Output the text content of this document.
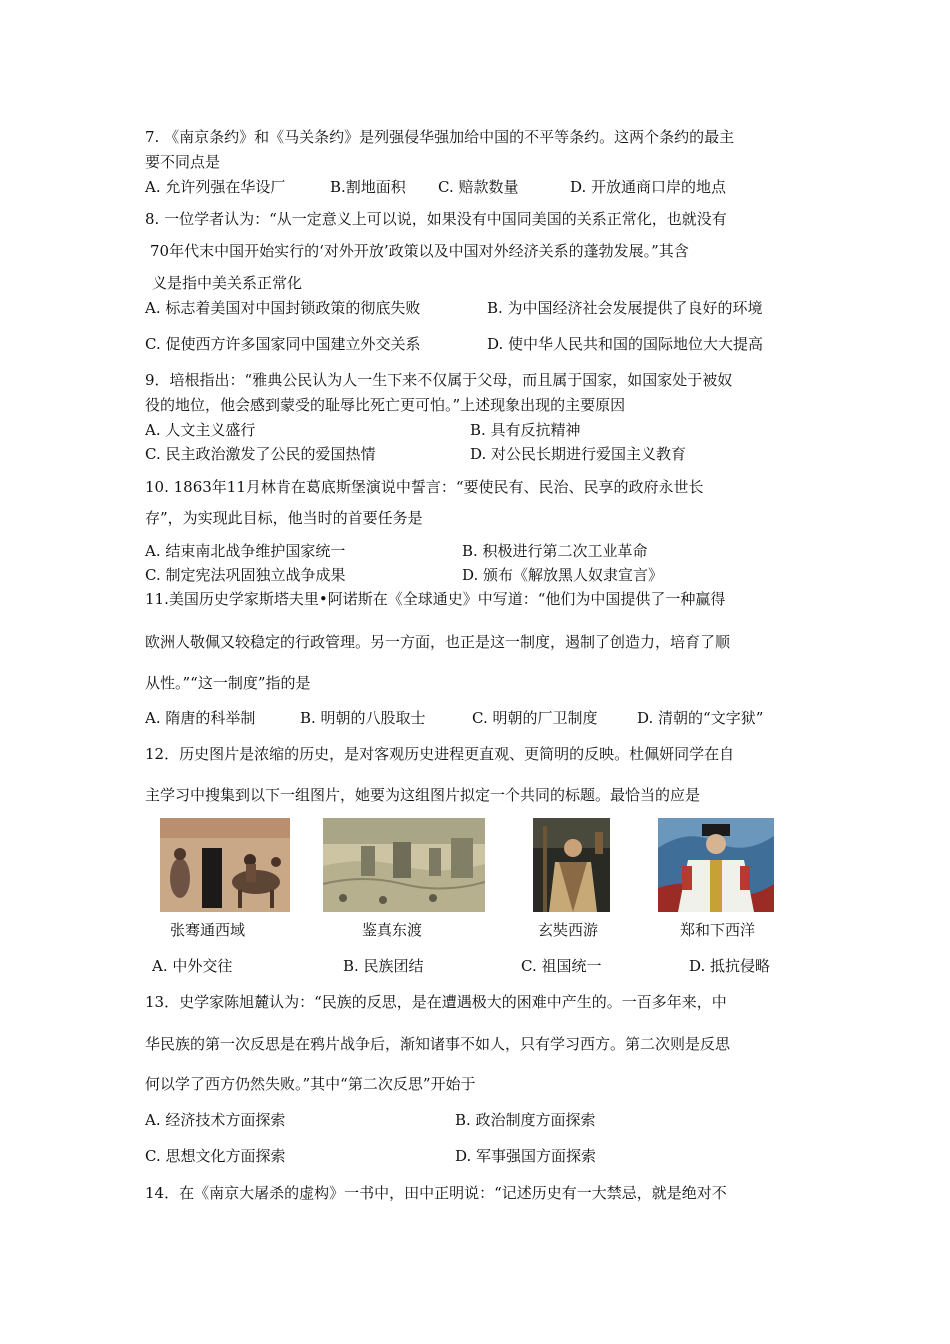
7. 《南京条约》和《马关条约》是列强侵华强加给中国的不平等条约。这两个条约的最主
要不同点是
A. 允许列强在华设厂	B.割地面积 C. 赔款数量	D. 开放通商口岸的地点
8. 一位学者认为：“从一定意义上可以说，如果没有中国同美国的关系正常化，也就没有
70年代末中国开始实行的‘对外开放’政策以及中国对外经济关系的蓬勃发展。”其含
义是指中美关系正常化
A. 标志着美国对中国封锁政策的彻底失败	B. 为中国经济社会发展提供了良好的环境
C. 促使西方许多国家同中国建立外交关系	D. 使中华人民共和国的国际地位大大提高
9．培根指出：“雅典公民认为人一生下来不仅属于父母，而且属于国家，如国家处于被奴
役的地位，他会感到蒙受的耻辱比死亡更可怕。”上述现象出现的主要原因
A. 人文主义盛行	B. 具有反抗精神
C. 民主政治激发了公民的爱国热情	D. 对公民长期进行爱国主义教育
10. 1863年11月林肯在葛底斯堡演说中誓言：“要使民有、民治、民享的政府永世长
存”，为实现此目标，他当时的首要任务是
A. 结束南北战争维护国家统一	B. 积极进行第二次工业革命
C. 制定宪法巩固独立战争成果	D. 颁布《解放黑人奴隶宣言》
11.美国历史学家斯塔夫里•阿诺斯在《全球通史》中写道：“他们为中国提供了一种赢得
欧洲人敬佩又较稳定的行政管理。另一方面，也正是这一制度，遏制了创造力，培育了顺
从性。”“这一制度”指的是
A. 隋唐的科举制	B. 明朝的八股取士	C. 明朝的厂卫制度	D. 清朝的“文字狱”
12．历史图片是浓缩的历史，是对客观历史进程更直观、更简明的反映。杜佩妍同学在自
主学习中搜集到以下一组图片，她要为这组图片拟定一个共同的标题。最恰当的应是
张骞通西域	鉴真东渡	玄奘西游	郑和下西洋
A. 中外交往	B. 民族团结	C. 祖国统一	D. 抵抗侵略
13．史学家陈旭麓认为：“民族的反思，是在遭遇极大的困难中产生的。一百多年来，中
华民族的第一次反思是在鸦片战争后，渐知诸事不如人，只有学习西方。第二次则是反思
何以学了西方仍然失败。”其中“第二次反思”开始于
A. 经济技术方面探索	B. 政治制度方面探索
C. 思想文化方面探索	D. 军事强国方面探索
14．在《南京大屠杀的虚构》一书中，田中正明说：“记述历史有一大禁忌，就是绝对不
